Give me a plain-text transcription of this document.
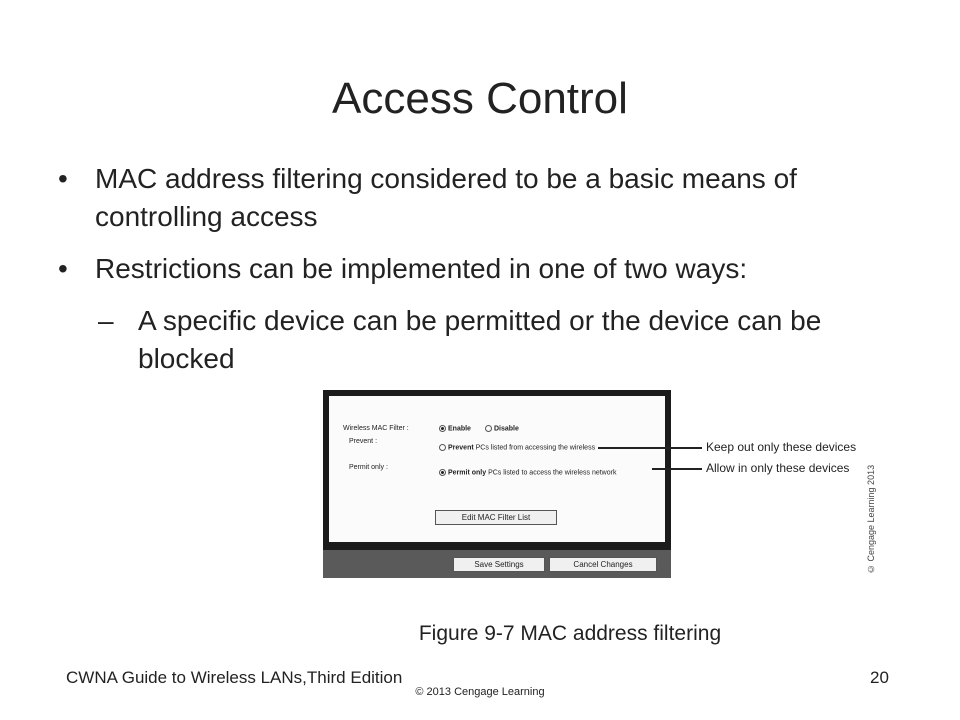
Access Control
• MAC address filtering considered to be a basic means of controlling access
• Restrictions can be implemented in one of two ways:
– A specific device can be permitted or the device can be blocked
Wireless MAC Filter :	Enable	Disable
Prevent :
Prevent PCs listed from accessing the wireless
Permit only :
Permit only PCs listed to access the wireless network
Edit MAC Filter List
Save Settings	Cancel Changes
Keep out only these devices
Allow in only these devices © Cengage Learning 2013
Figure 9-7 MAC address filtering
CWNA Guide to Wireless LANs,Third Edition	20
© 2013 Cengage Learning
